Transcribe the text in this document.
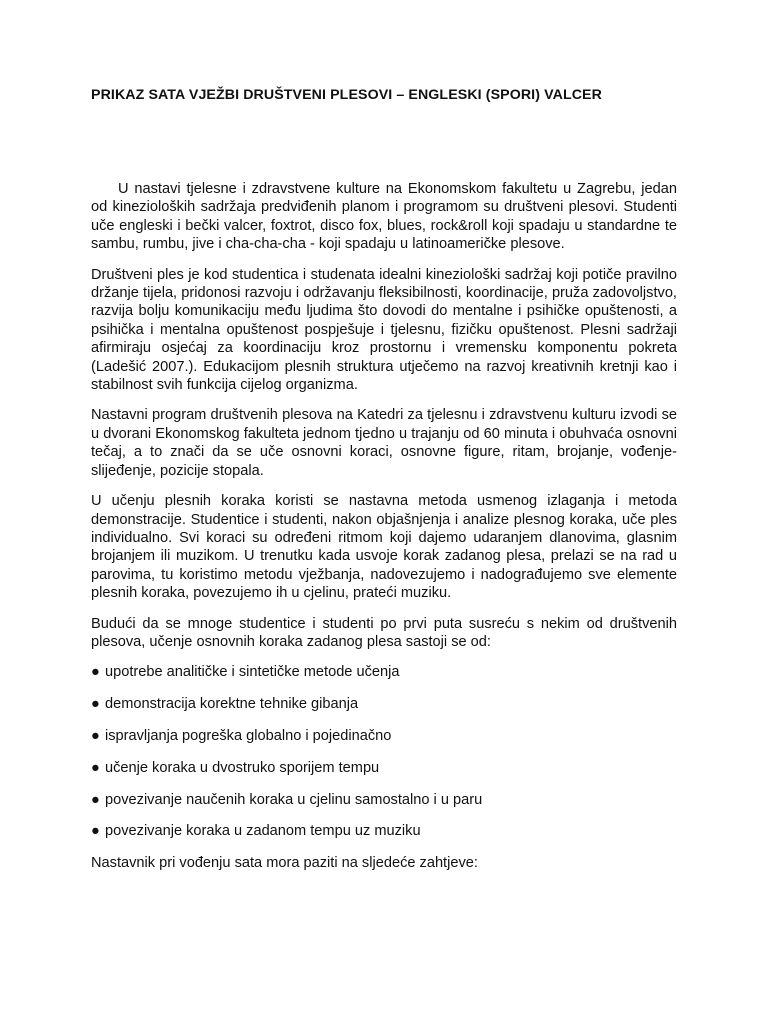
PRIKAZ SATA VJEŽBI DRUŠTVENI PLESOVI – ENGLESKI (SPORI) VALCER

U nastavi tjelesne i zdravstvene kulture na Ekonomskom fakultetu u Zagrebu, jedan od kinezioloških sadržaja predviđenih planom i programom su društveni plesovi. Studenti uče engleski i bečki valcer, foxtrot, disco fox, blues, rock&roll koji spadaju u standardne te sambu, rumbu, jive i cha-cha-cha - koji spadaju u latinoameričke plesove.

Društveni ples je kod studentica i studenata idealni kineziološki sadržaj koji potiče pravilno držanje tijela, pridonosi razvoju i održavanju fleksibilnosti, koordinacije, pruža zadovoljstvo, razvija bolju komunikaciju među ljudima što dovodi do mentalne i psihičke opuštenosti, a psihička i mentalna opuštenost pospješuje i tjelesnu, fizičku opuštenost. Plesni sadržaji afirmiraju osjećaj za koordinaciju kroz prostornu i vremensku komponentu pokreta (Ladešić 2007.). Edukacijom plesnih struktura utječemo na razvoj kreativnih kretnji kao i stabilnost svih funkcija cijelog organizma.

Nastavni program društvenih plesova na Katedri za tjelesnu i zdravstvenu kulturu izvodi se u dvorani Ekonomskog fakulteta jednom tjedno u trajanju od 60 minuta i obuhvaća osnovni tečaj, a to znači da se uče osnovni koraci, osnovne figure, ritam, brojanje, vođenje-slijeđenje, pozicije stopala.

U učenju plesnih koraka koristi se nastavna metoda usmenog izlaganja i metoda demonstracije. Studentice i studenti, nakon objašnjenja i analize plesnog koraka, uče ples individualno. Svi koraci su određeni ritmom koji dajemo udaranjem dlanovima, glasnim brojanjem ili muzikom. U trenutku kada usvoje korak zadanog plesa, prelazi se na rad u parovima, tu koristimo metodu vježbanja, nadovezujemo i nadograđujemo sve elemente plesnih koraka, povezujemo ih u cjelinu, prateći muziku.

Budući da se mnoge studentice i studenti po prvi puta susreću s nekim od društvenih plesova, učenje osnovnih koraka zadanog plesa sastoji se od:

● upotrebe analitičke i sintetičke metode učenja
● demonstracija korektne tehnike gibanja
● ispravljanja pogreška globalno i pojedinačno
● učenje koraka u dvostruko sporijem tempu
● povezivanje naučenih koraka u cjelinu samostalno i u paru
● povezivanje koraka u zadanom tempu uz muziku

Nastavnik pri vođenju sata mora paziti na sljedeće zahtjeve:
